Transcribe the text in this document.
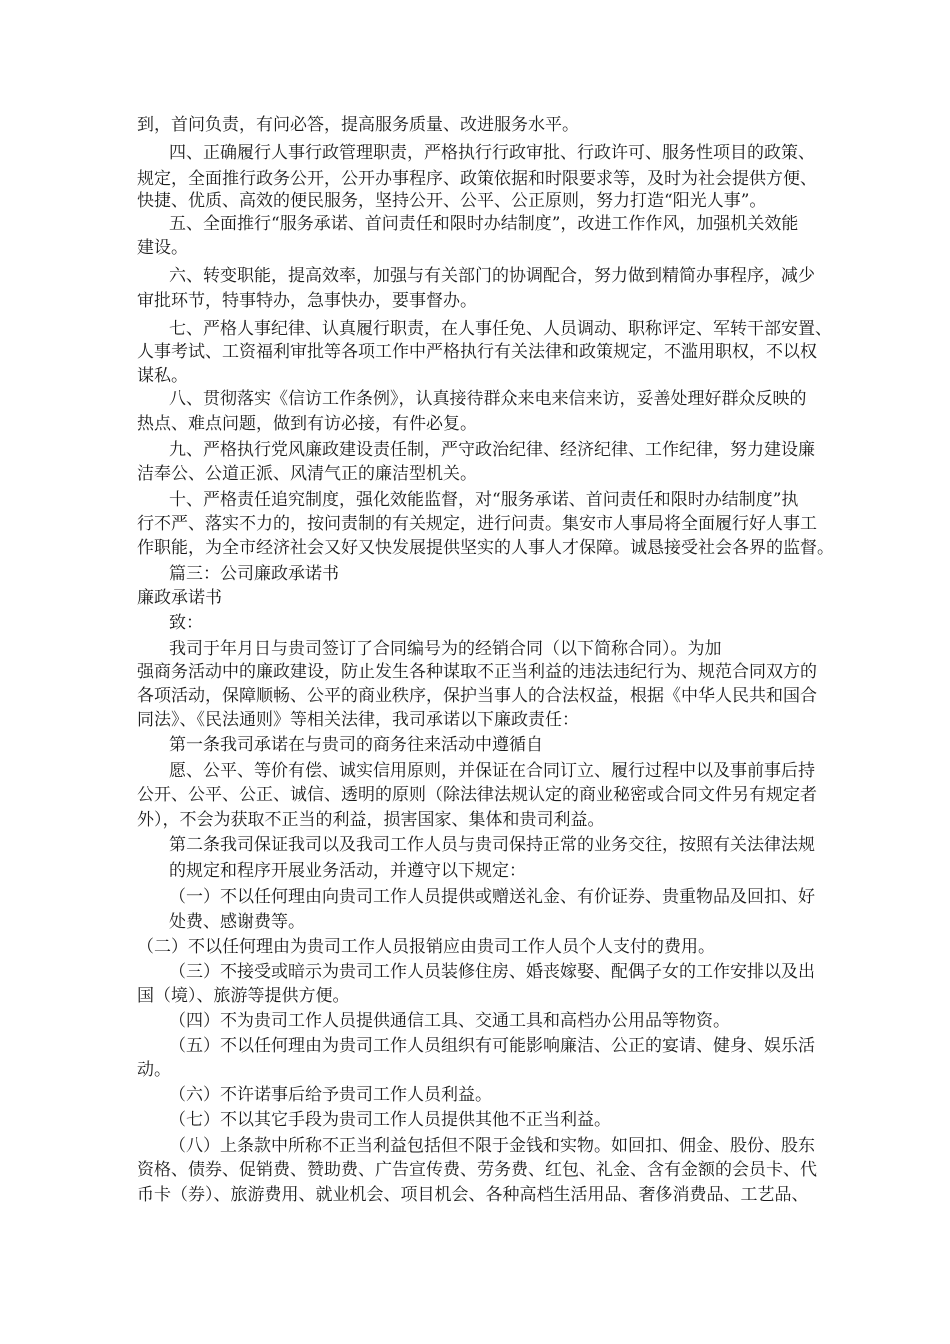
到，首问负责，有问必答，提高服务质量、改进服务水平。
四、正确履行人事行政管理职责，严格执行行政审批、行政许可、服务性项目的政策、
规定，全面推行政务公开，公开办事程序、政策依据和时限要求等，及时为社会提供方便、
快捷、优质、高效的便民服务，坚持公开、公平、公正原则，努力打造“阳光人事”。
五、全面推行“服务承诺、首问责任和限时办结制度”，改进工作作风，加强机关效能
建设。
六、转变职能，提高效率，加强与有关部门的协调配合，努力做到精简办事程序，减少
审批环节，特事特办，急事快办，要事督办。
七、严格人事纪律、认真履行职责，在人事任免、人员调动、职称评定、军转干部安置、
人事考试、工资福利审批等各项工作中严格执行有关法律和政策规定，不滥用职权，不以权
谋私。
八、贯彻落实《信访工作条例》，认真接待群众来电来信来访，妥善处理好群众反映的
热点、难点问题，做到有访必接，有件必复。
九、严格执行党风廉政建设责任制，严守政治纪律、经济纪律、工作纪律，努力建设廉
洁奉公、公道正派、风清气正的廉洁型机关。
十、严格责任追究制度，强化效能监督，对“服务承诺、首问责任和限时办结制度”执
行不严、落实不力的，按问责制的有关规定，进行问责。集安市人事局将全面履行好人事工
作职能，为全市经济社会又好又快发展提供坚实的人事人才保障。诚恳接受社会各界的监督。
篇三：公司廉政承诺书
廉政承诺书
致：
我司于年月日与贵司签订了合同编号为的经销合同（以下简称合同）。为加
强商务活动中的廉政建设，防止发生各种谋取不正当利益的违法违纪行为、规范合同双方的
各项活动，保障顺畅、公平的商业秩序，保护当事人的合法权益，根据《中华人民共和国合
同法》、《民法通则》等相关法律，我司承诺以下廉政责任：
第一条我司承诺在与贵司的商务往来活动中遵循自
愿、公平、等价有偿、诚实信用原则，并保证在合同订立、履行过程中以及事前事后持
公开、公平、公正、诚信、透明的原则（除法律法规认定的商业秘密或合同文件另有规定者
外），不会为获取不正当的利益，损害国家、集体和贵司利益。
第二条我司保证我司以及我司工作人员与贵司保持正常的业务交往，按照有关法律法规
的规定和程序开展业务活动，并遵守以下规定：
（一）不以任何理由向贵司工作人员提供或赠送礼金、有价证券、贵重物品及回扣、好
处费、感谢费等。
（二）不以任何理由为贵司工作人员报销应由贵司工作人员个人支付的费用。
（三）不接受或暗示为贵司工作人员装修住房、婚丧嫁娶、配偶子女的工作安排以及出
国（境）、旅游等提供方便。
（四）不为贵司工作人员提供通信工具、交通工具和高档办公用品等物资。
（五）不以任何理由为贵司工作人员组织有可能影响廉洁、公正的宴请、健身、娱乐活
动。
（六）不许诺事后给予贵司工作人员利益。
（七）不以其它手段为贵司工作人员提供其他不正当利益。
（八）上条款中所称不正当利益包括但不限于金钱和实物。如回扣、佣金、股份、股东
资格、债券、促销费、赞助费、广告宣传费、劳务费、红包、礼金、含有金额的会员卡、代
币卡（券）、旅游费用、就业机会、项目机会、各种高档生活用品、奢侈消费品、工艺品、
